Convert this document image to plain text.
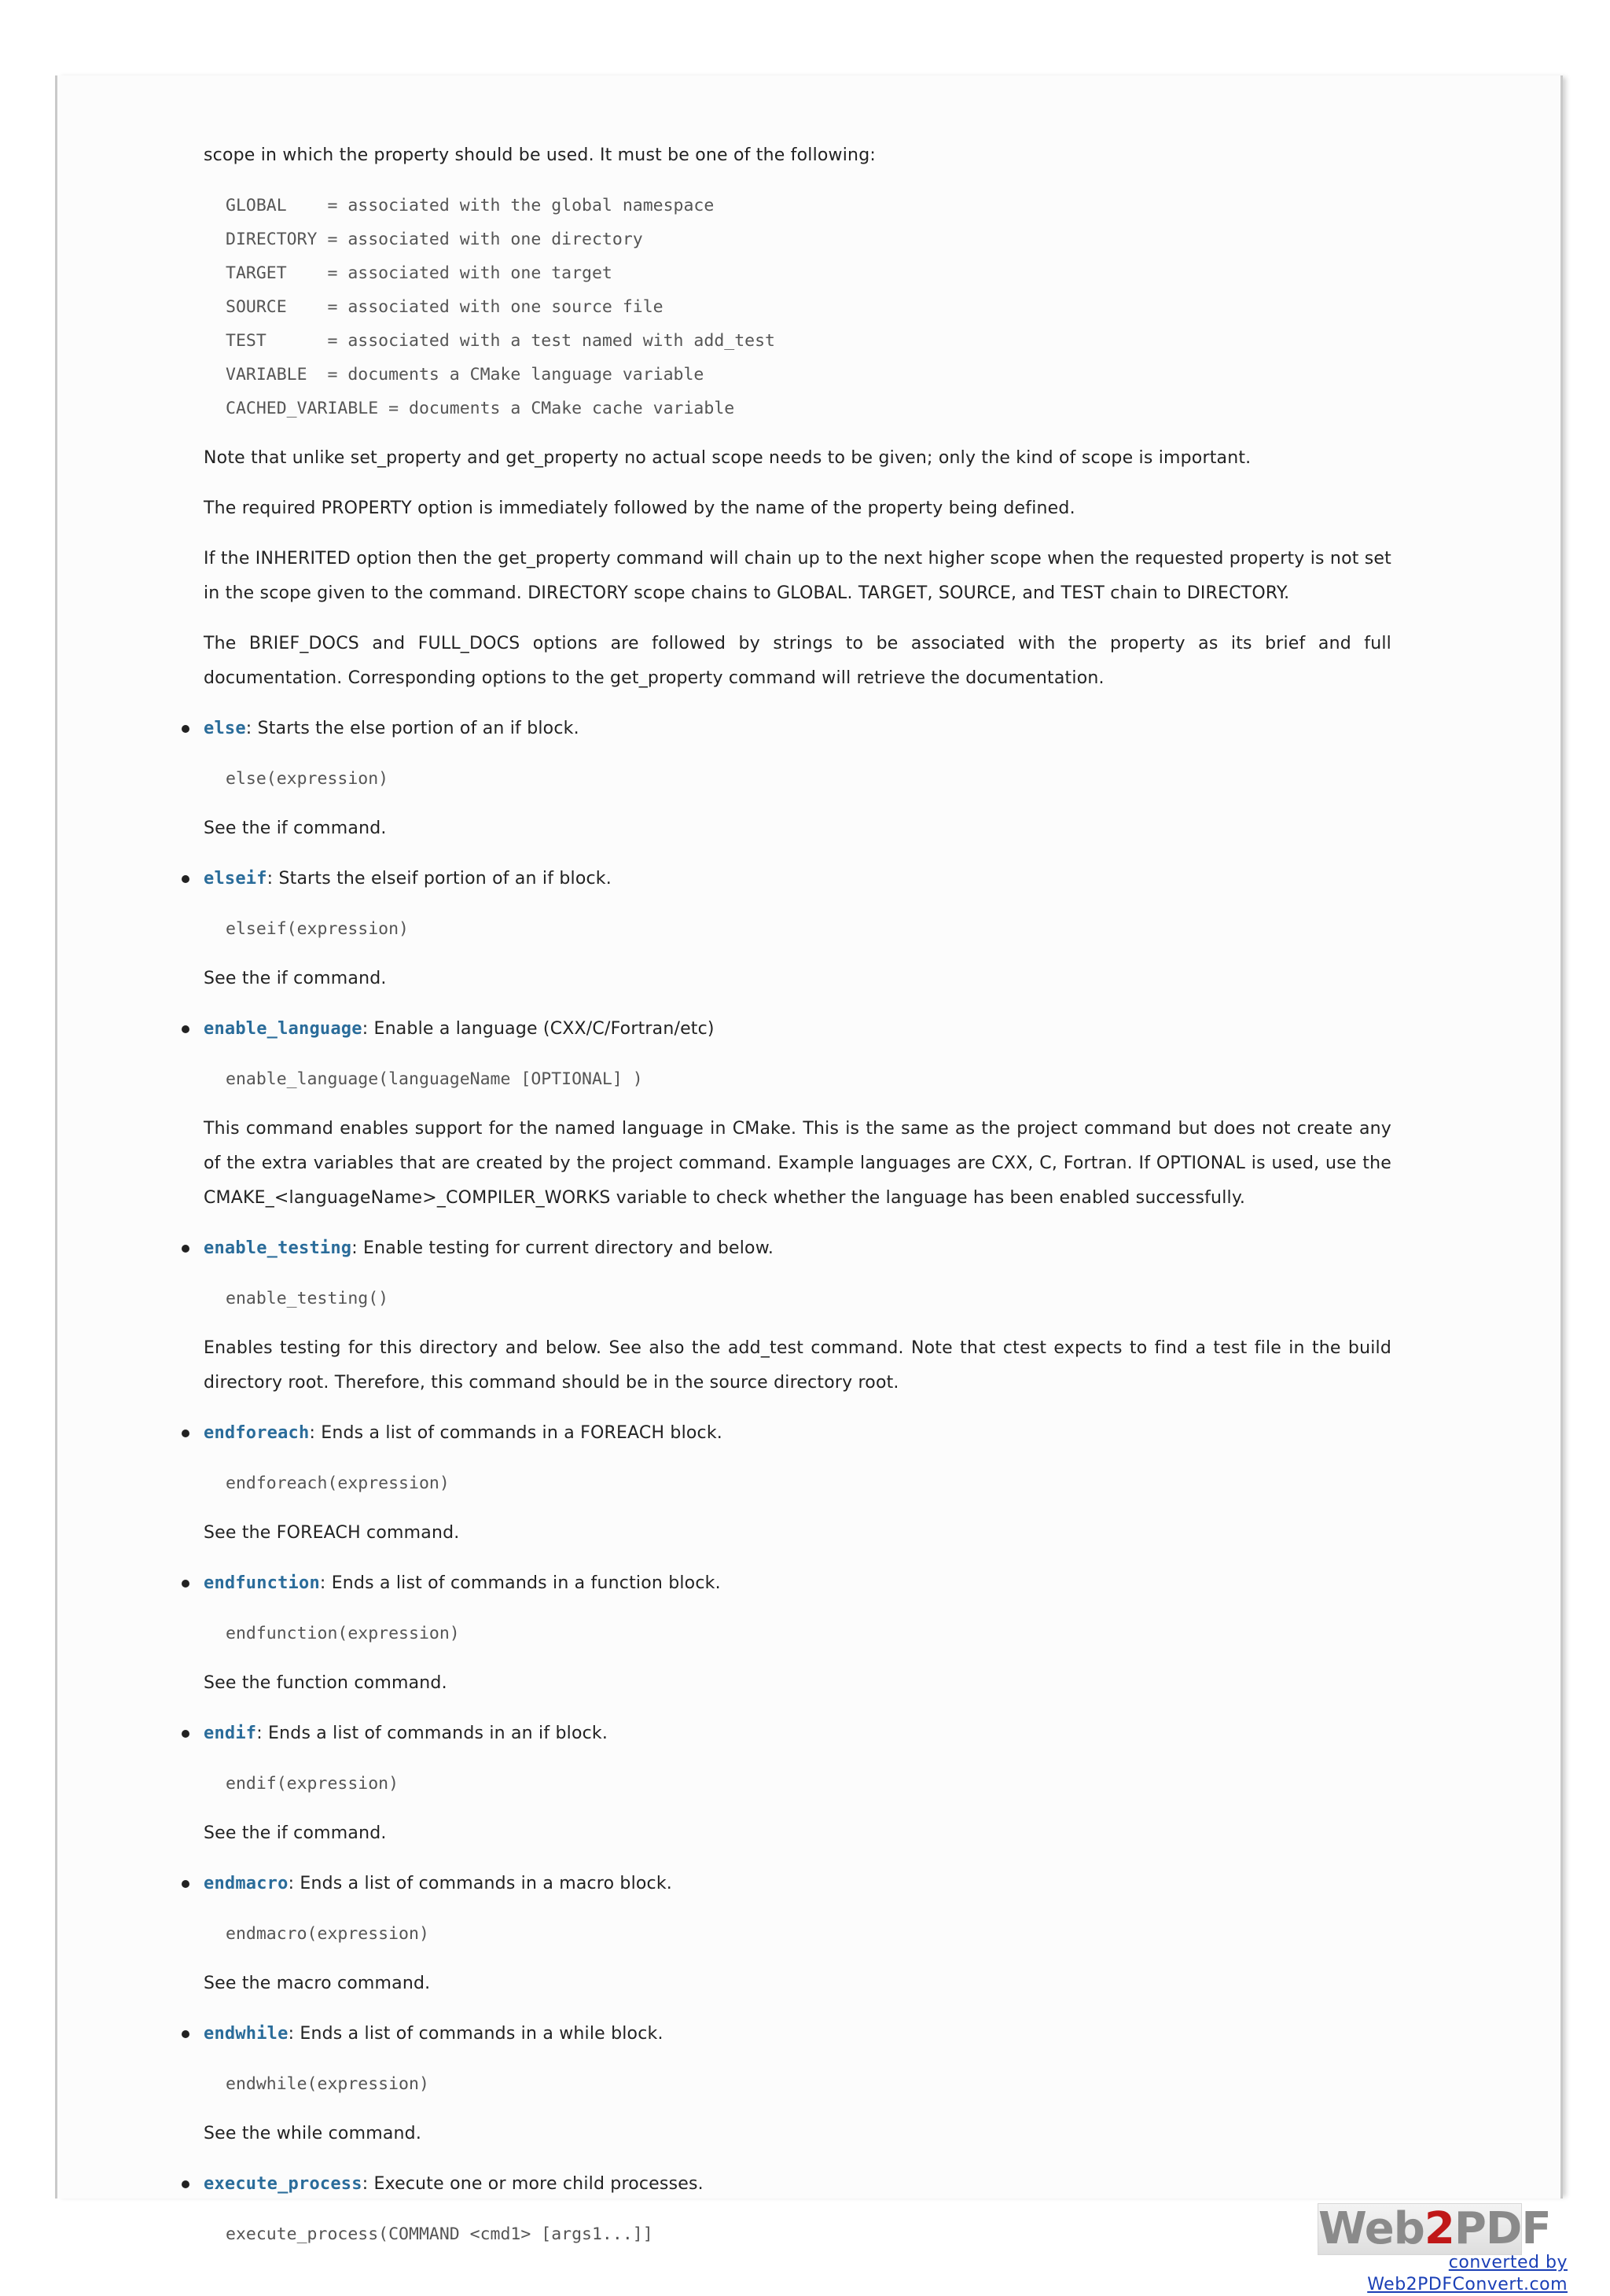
scope in which the property should be used. It must be one of the following:

GLOBAL    = associated with the global namespace
DIRECTORY = associated with one directory
TARGET    = associated with one target
SOURCE    = associated with one source file
TEST      = associated with a test named with add_test
VARIABLE  = documents a CMake language variable
CACHED_VARIABLE = documents a CMake cache variable

Note that unlike set_property and get_property no actual scope needs to be given; only the kind of scope is important.

The required PROPERTY option is immediately followed by the name of the property being defined.

If the INHERITED option then the get_property command will chain up to the next higher scope when the requested property is not set in the scope given to the command. DIRECTORY scope chains to GLOBAL. TARGET, SOURCE, and TEST chain to DIRECTORY.

The BRIEF_DOCS and FULL_DOCS options are followed by strings to be associated with the property as its brief and full documentation. Corresponding options to the get_property command will retrieve the documentation.

else: Starts the else portion of an if block.

else(expression)

See the if command.

elseif: Starts the elseif portion of an if block.

elseif(expression)

See the if command.

enable_language: Enable a language (CXX/C/Fortran/etc)

enable_language(languageName [OPTIONAL] )

This command enables support for the named language in CMake. This is the same as the project command but does not create any of the extra variables that are created by the project command. Example languages are CXX, C, Fortran. If OPTIONAL is used, use the CMAKE_<languageName>_COMPILER_WORKS variable to check whether the language has been enabled successfully.

enable_testing: Enable testing for current directory and below.

enable_testing()

Enables testing for this directory and below. See also the add_test command. Note that ctest expects to find a test file in the build directory root. Therefore, this command should be in the source directory root.

endforeach: Ends a list of commands in a FOREACH block.

endforeach(expression)

See the FOREACH command.

endfunction: Ends a list of commands in a function block.

endfunction(expression)

See the function command.

endif: Ends a list of commands in an if block.

endif(expression)

See the if command.

endmacro: Ends a list of commands in a macro block.

endmacro(expression)

See the macro command.

endwhile: Ends a list of commands in a while block.

endwhile(expression)

See the while command.

execute_process: Execute one or more child processes.

execute_process(COMMAND <cmd1> [args1...]]	Web2PDF
converted by Web2PDFConvert.com
